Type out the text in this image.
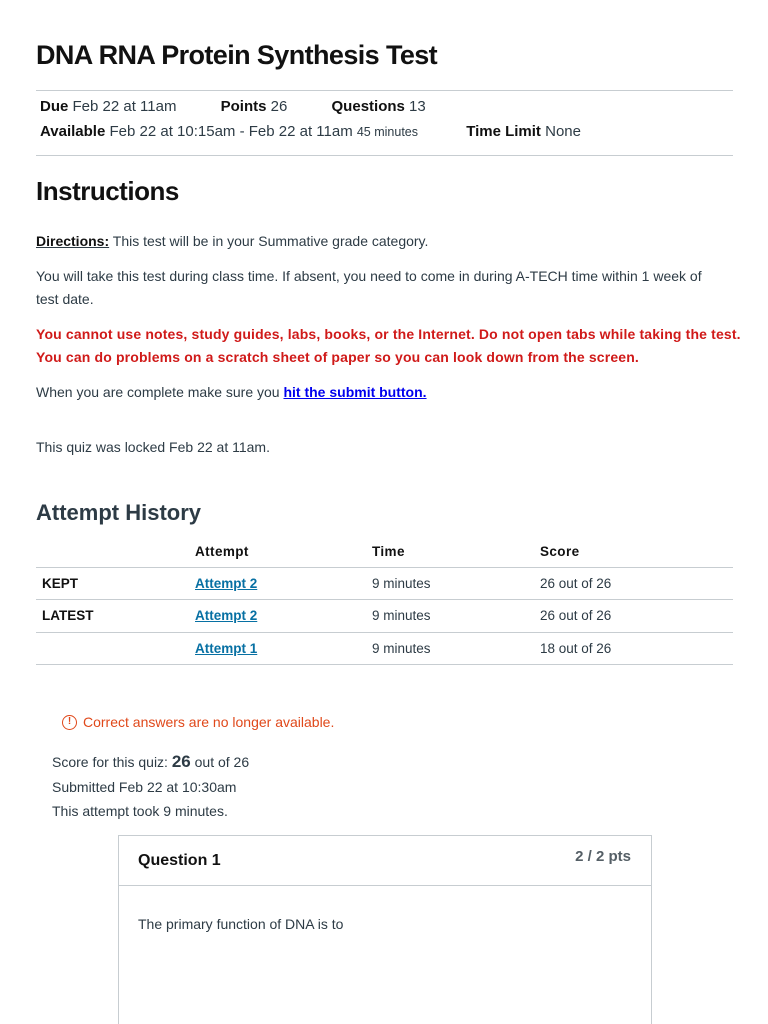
DNA RNA Protein Synthesis Test
Due Feb 22 at 11am	Points 26	Questions 13
Available Feb 22 at 10:15am - Feb 22 at 11am 45 minutes	Time Limit None
Instructions

Directions: This test will be in your Summative grade category.

You will take this test during class time. If absent, you need to come in during A-TECH time within 1 week of test date.

You cannot use notes, study guides, labs, books, or the Internet. Do not open tabs while taking the test. You can do problems on a scratch sheet of paper so you can look down from the screen.

When you are complete make sure you hit the submit button.

This quiz was locked Feb 22 at 11am.

Attempt History
	Attempt	Time	Score
KEPT	Attempt 2	9 minutes	26 out of 26
LATEST	Attempt 2	9 minutes	26 out of 26
	Attempt 1	9 minutes	18 out of 26
! Correct answers are no longer available.
Score for this quiz: 26 out of 26
Submitted Feb 22 at 10:30am
This attempt took 9 minutes.
Question 1	2 / 2 pts
The primary function of DNA is to
